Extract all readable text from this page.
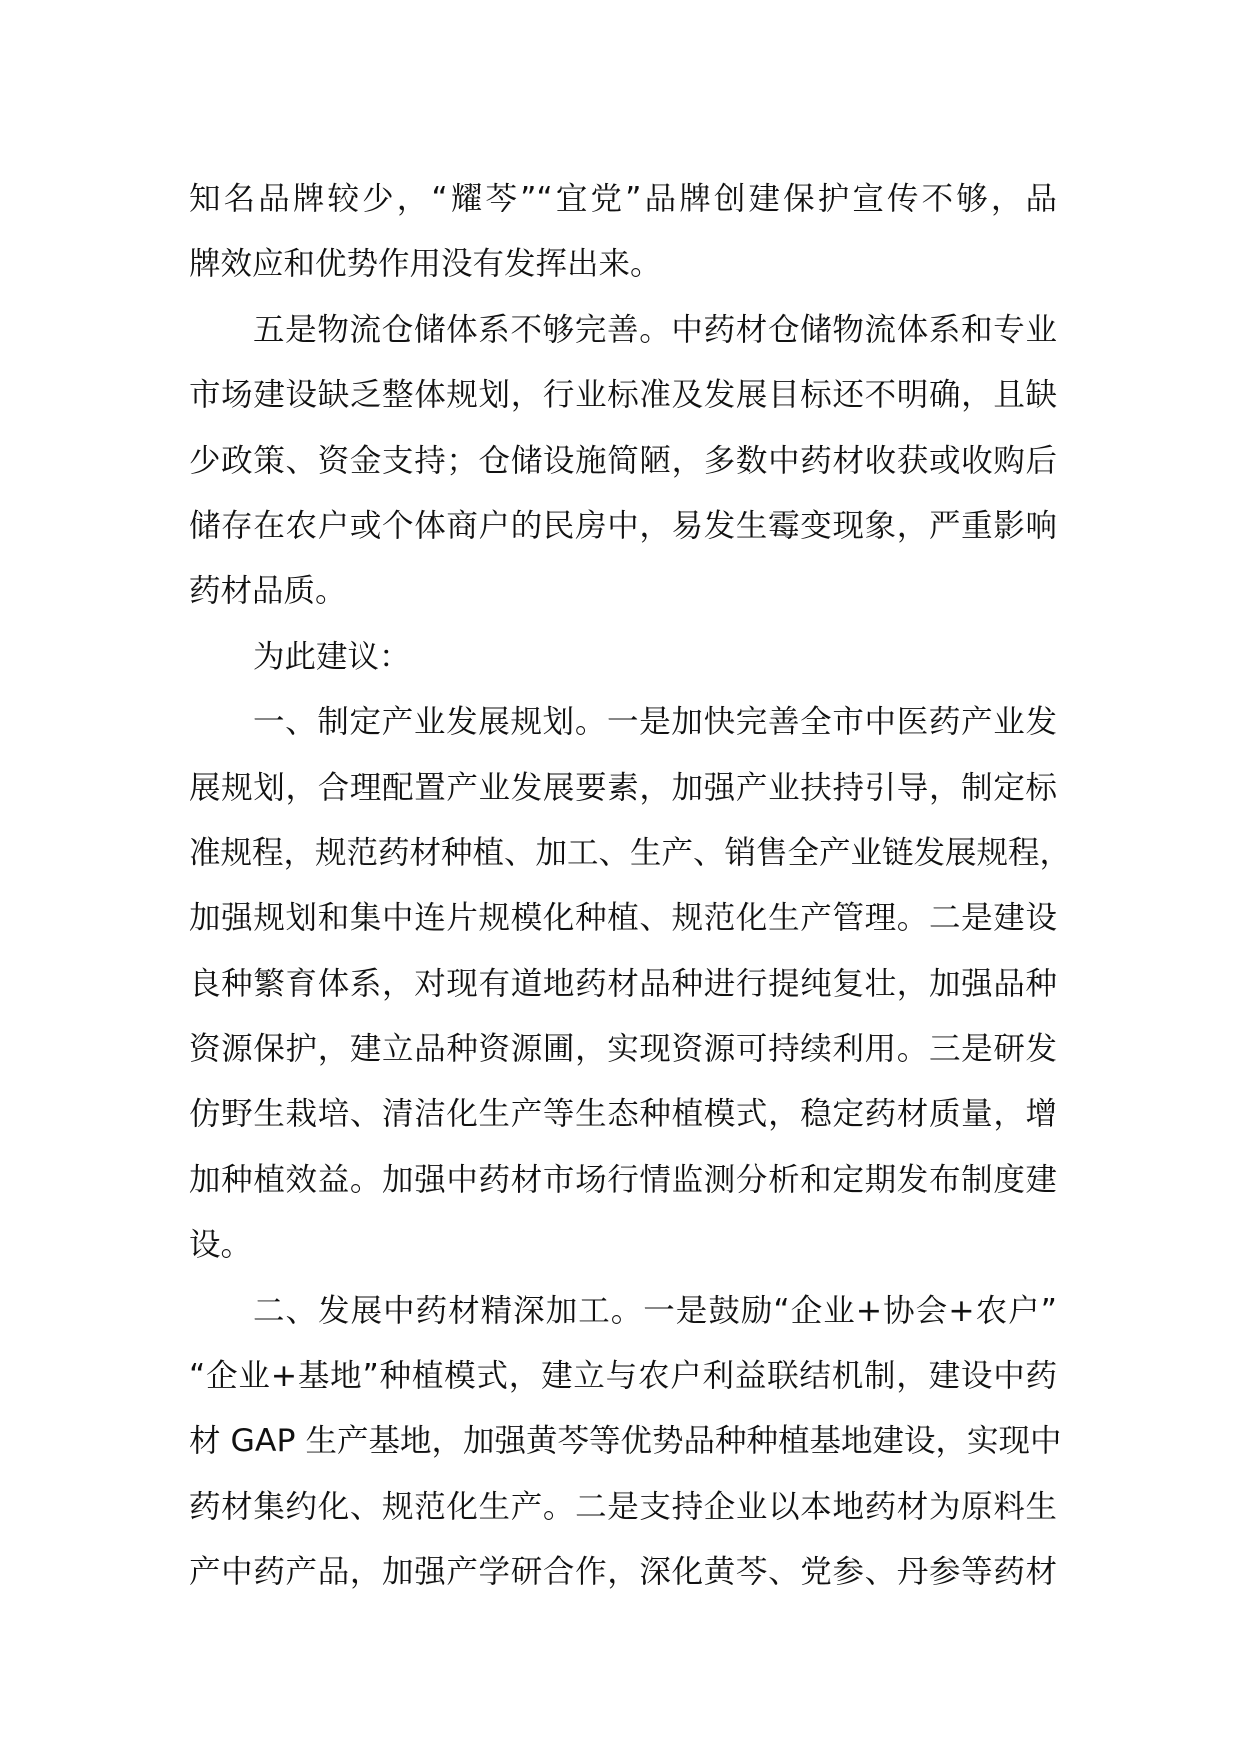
知名品牌较少，“耀芩”“宜党”品牌创建保护宣传不够，品
牌效应和优势作用没有发挥出来。
五是物流仓储体系不够完善。中药材仓储物流体系和专业
市场建设缺乏整体规划，行业标准及发展目标还不明确，且缺
少政策、资金支持；仓储设施简陋，多数中药材收获或收购后
储存在农户或个体商户的民房中，易发生霉变现象，严重影响
药材品质。
为此建议：
一、制定产业发展规划。一是加快完善全市中医药产业发
展规划，合理配置产业发展要素，加强产业扶持引导，制定标
准规程，规范药材种植、加工、生产、销售全产业链发展规程，
加强规划和集中连片规模化种植、规范化生产管理。二是建设
良种繁育体系，对现有道地药材品种进行提纯复壮，加强品种
资源保护，建立品种资源圃，实现资源可持续利用。三是研发
仿野生栽培、清洁化生产等生态种植模式，稳定药材质量，增
加种植效益。加强中药材市场行情监测分析和定期发布制度建
设。
二、发展中药材精深加工。一是鼓励“企业+协会+农户”
“企业+基地”种植模式，建立与农户利益联结机制，建设中药
材 GAP 生产基地，加强黄芩等优势品种种植基地建设，实现中
药材集约化、规范化生产。二是支持企业以本地药材为原料生
产中药产品，加强产学研合作，深化黄芩、党参、丹参等药材
